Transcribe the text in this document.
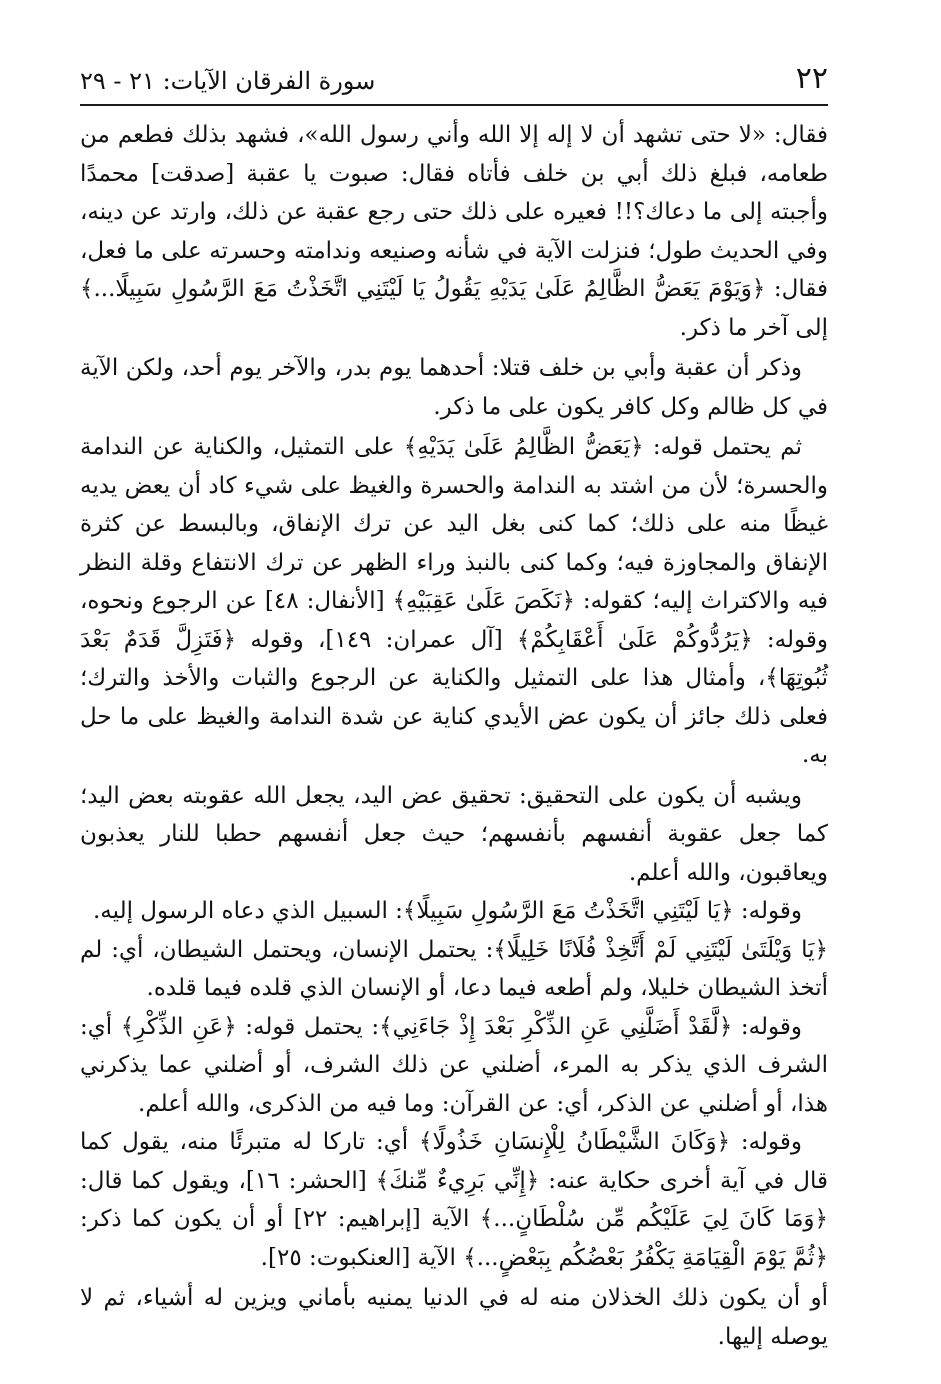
٢٢
سورة الفرقان الآيات: ٢١ - ٢٩

فقال: «لا حتى تشهد أن لا إله إلا الله وأني رسول الله»، فشهد بذلك فطعم من طعامه، فبلغ ذلك أبي بن خلف فأتاه فقال: صبوت يا عقبة [صدقت] محمدًا وأجبته إلى ما دعاك؟!! فعيره على ذلك حتى رجع عقبة عن ذلك، وارتد عن دينه، وفي الحديث طول؛ فنزلت الآية في شأنه وصنيعه وندامته وحسرته على ما فعل، فقال: ﴿وَيَوْمَ يَعَضُّ الظَّالِمُ عَلَىٰ يَدَيْهِ يَقُولُ يَا لَيْتَنِي اتَّخَذْتُ مَعَ الرَّسُولِ سَبِيلًا...﴾ إلى آخر ما ذكر.

وذكر أن عقبة وأبي بن خلف قتلا: أحدهما يوم بدر، والآخر يوم أحد، ولكن الآية في كل ظالم وكل كافر يكون على ما ذكر.

ثم يحتمل قوله: ﴿يَعَضُّ الظَّالِمُ عَلَىٰ يَدَيْهِ﴾ على التمثيل، والكناية عن الندامة والحسرة؛ لأن من اشتد به الندامة والحسرة والغيظ على شيء كاد أن يعض يديه غيظًا منه على ذلك؛ كما كنى بغل اليد عن ترك الإنفاق، وبالبسط عن كثرة الإنفاق والمجاوزة فيه؛ وكما كنى بالنبذ وراء الظهر عن ترك الانتفاع وقلة النظر فيه والاكتراث إليه؛ كقوله: ﴿نَكَصَ عَلَىٰ عَقِبَيْهِ﴾ [الأنفال: ٤٨] عن الرجوع ونحوه، وقوله: ﴿يَرُدُّوكُمْ عَلَىٰ أَعْقَابِكُمْ﴾ [آل عمران: ١٤٩]، وقوله ﴿فَتَزِلَّ قَدَمٌ بَعْدَ ثُبُوتِهَا﴾، وأمثال هذا على التمثيل والكناية عن الرجوع والثبات والأخذ والترك؛ فعلى ذلك جائز أن يكون عض الأيدي كناية عن شدة الندامة والغيظ على ما حل به.

ويشبه أن يكون على التحقيق: تحقيق عض اليد، يجعل الله عقوبته بعض اليد؛ كما جعل عقوبة أنفسهم بأنفسهم؛ حيث جعل أنفسهم حطبا للنار يعذبون ويعاقبون، والله أعلم.

وقوله: ﴿يَا لَيْتَنِي اتَّخَذْتُ مَعَ الرَّسُولِ سَبِيلًا﴾: السبيل الذي دعاه الرسول إليه.

﴿يَا وَيْلَتَىٰ لَيْتَنِي لَمْ أَتَّخِذْ فُلَانًا خَلِيلًا﴾: يحتمل الإنسان، ويحتمل الشيطان، أي: لم أتخذ الشيطان خليلا، ولم أطعه فيما دعا، أو الإنسان الذي قلده فيما قلده.

وقوله: ﴿لَّقَدْ أَضَلَّنِي عَنِ الذِّكْرِ بَعْدَ إِذْ جَاءَنِي﴾: يحتمل قوله: ﴿عَنِ الذِّكْرِ﴾ أي: الشرف الذي يذكر به المرء، أضلني عن ذلك الشرف، أو أضلني عما يذكرني هذا، أو أضلني عن الذكر، أي: عن القرآن: وما فيه من الذكرى، والله أعلم.

وقوله: ﴿وَكَانَ الشَّيْطَانُ لِلْإِنسَانِ خَذُولًا﴾ أي: تاركا له متبرئًا منه، يقول كما قال في آية أخرى حكاية عنه: ﴿إِنِّي بَرِيءٌ مِّنكَ﴾ [الحشر: ١٦]، ويقول كما قال: ﴿وَمَا كَانَ لِيَ عَلَيْكُم مِّن سُلْطَانٍ...﴾ الآية [إبراهيم: ٢٢] أو أن يكون كما ذكر: ﴿ثُمَّ يَوْمَ الْقِيَامَةِ يَكْفُرُ بَعْضُكُم بِبَعْضٍ...﴾ الآية [العنكبوت: ٢٥].

أو أن يكون ذلك الخذلان منه له في الدنيا يمنيه بأماني ويزين له أشياء، ثم لا يوصله إليها.
